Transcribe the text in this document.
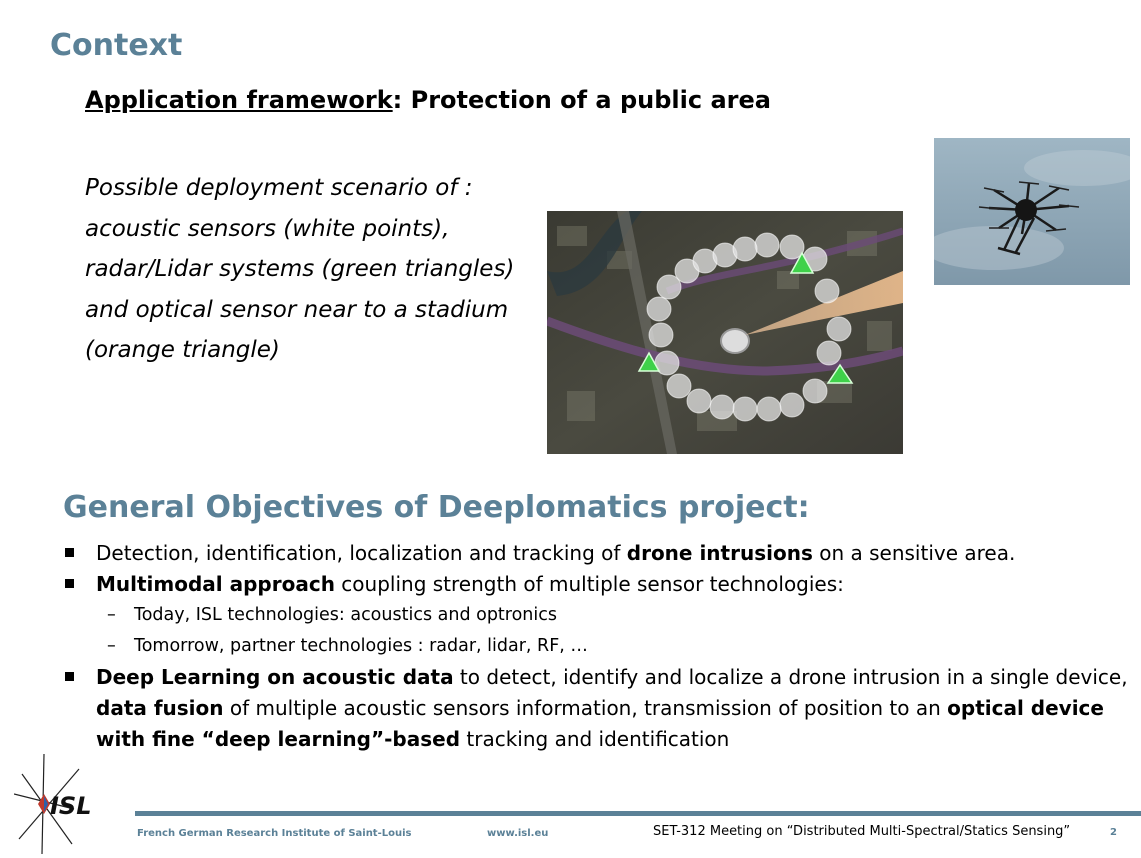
Context

Application framework: Protection of a public area

Possible deployment scenario of :
acoustic sensors (white points),
radar/Lidar systems (green triangles)
and optical sensor near to a stadium
(orange triangle)

General Objectives of Deeplomatics project:
Detection, identification, localization and tracking of drone intrusions on a sensitive area.
Multimodal approach coupling strength of multiple sensor technologies:
– Today, ISL technologies: acoustics and optronics
– Tomorrow, partner technologies : radar, lidar, RF, …
Deep Learning on acoustic data to detect, identify and localize a drone intrusion in a single device, data fusion of multiple acoustic sensors information, transmission of position to an optical device with fine “deep learning”-based tracking and identification
ISL
French German Research Institute of Saint-Louis	www.isl.eu	SET-312 Meeting on “Distributed Multi-Spectral/Statics Sensing”	2
